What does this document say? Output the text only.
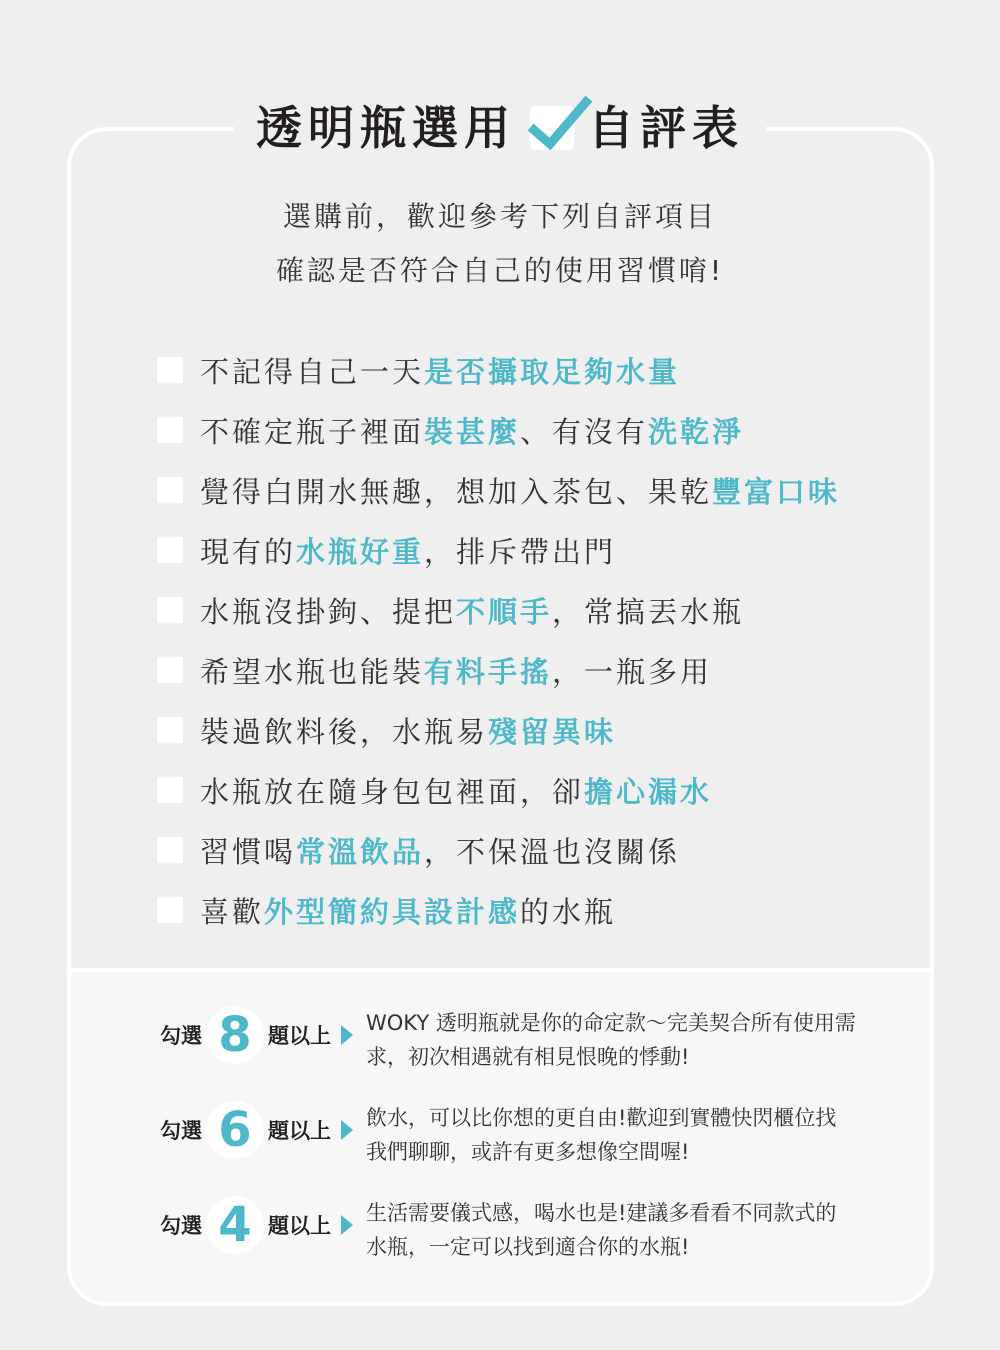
透明瓶選用 自評表
選購前，歡迎參考下列自評項目
確認是否符合自己的使用習慣唷!
不記得自己一天是否攝取足夠水量
不確定瓶子裡面裝甚麼、有沒有洗乾淨
覺得白開水無趣，想加入茶包、果乾豐富口味
現有的水瓶好重，排斥帶出門
水瓶沒掛鉤、提把不順手，常搞丟水瓶
希望水瓶也能裝有料手搖，一瓶多用
裝過飲料後，水瓶易殘留異味
水瓶放在隨身包包裡面，卻擔心漏水
習慣喝常溫飲品，不保溫也沒關係
喜歡外型簡約具設計感的水瓶
勾選 8 題以上
WOKY 透明瓶就是你的命定款～完美契合所有使用需求，初次相遇就有相見恨晚的悸動!
勾選 6 題以上
飲水，可以比你想的更自由!歡迎到實體快閃櫃位找我們聊聊，或許有更多想像空間喔!
勾選 4 題以上
生活需要儀式感，喝水也是!建議多看看不同款式的水瓶，一定可以找到適合你的水瓶!
